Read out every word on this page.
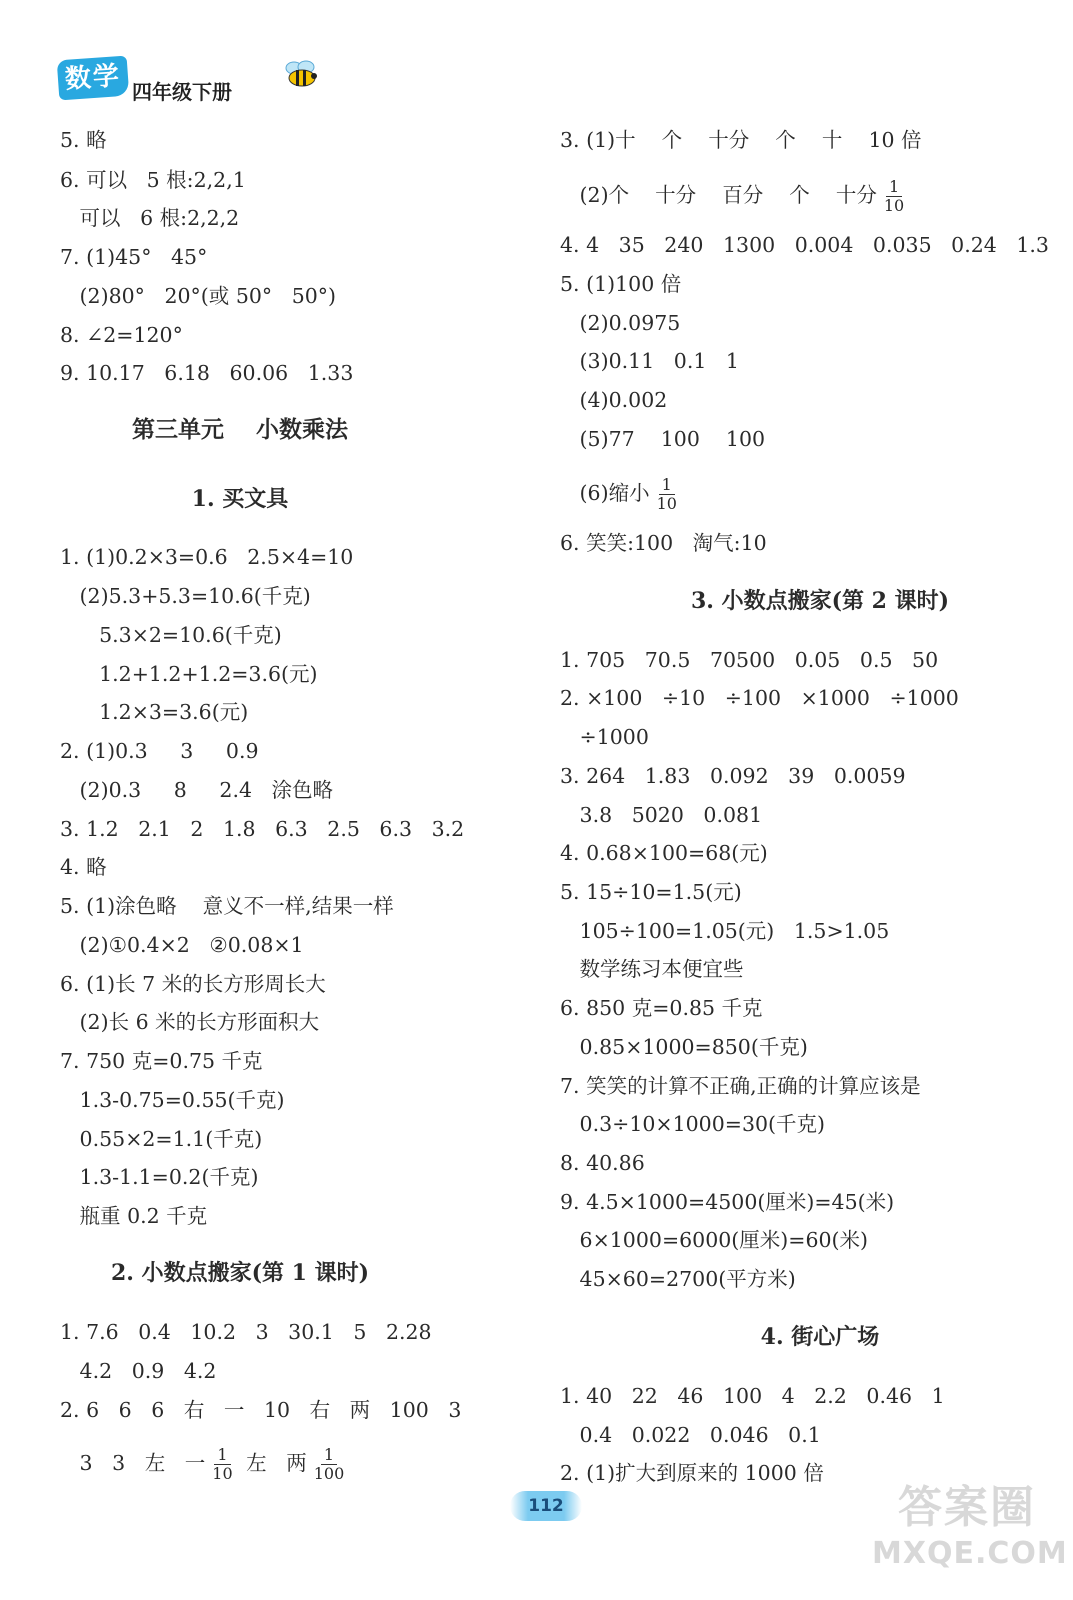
数学 四年级下册
5. 略
6. 可以   5 根:2,2,1
可以   6 根:2,2,2
7. (1)45°   45°
(2)80°   20°(或 50°   50°)
8. ∠2=120°
9. 10.17   6.18   60.06   1.33
第三单元    小数乘法
1. 买文具
1. (1)0.2×3=0.6   2.5×4=10
(2)5.3+5.3=10.6(千克)
5.3×2=10.6(千克)
1.2+1.2+1.2=3.6(元)
1.2×3=3.6(元)
2. (1)0.3     3     0.9
(2)0.3     8     2.4   涂色略
3. 1.2   2.1   2   1.8   6.3   2.5   6.3   3.2
4. 略
5. (1)涂色略    意义不一样,结果一样
(2)①0.4×2   ②0.08×1
6. (1)长 7 米的长方形周长大
(2)长 6 米的长方形面积大
7. 750 克=0.75 千克
1.3-0.75=0.55(千克)
0.55×2=1.1(千克)
1.3-1.1=0.2(千克)
瓶重 0.2 千克
2. 小数点搬家(第 1 课时)
1. 7.6   0.4   10.2   3   30.1   5   2.28
4.2   0.9   4.2
2. 6   6   6   右   一   10   右   两   100   3
3   3   左   一 $\frac{1}{10}$ 左   两 $\frac{1}{100}$
3. (1)十    个    十分    个    十    10 倍
(2)个    十分    百分    个    十分 $\frac{1}{10}$
4. 4   35   240   1300   0.004   0.035   0.24   1.3
5. (1)100 倍
(2)0.0975
(3)0.11   0.1   1
(4)0.002
(5)77    100    100
(6)缩小 $\frac{1}{10}$
6. 笑笑:100   淘气:10
3. 小数点搬家(第 2 课时)
1. 705   70.5   70500   0.05   0.5   50
2. ×100   ÷10   ÷100   ×1000   ÷1000
÷1000
3. 264   1.83   0.092   39   0.0059
3.8   5020   0.081
4. 0.68×100=68(元)
5. 15÷10=1.5(元)
105÷100=1.05(元)   1.5>1.05
数学练习本便宜些
6. 850 克=0.85 千克
0.85×1000=850(千克)
7. 笑笑的计算不正确,正确的计算应该是
0.3÷10×1000=30(千克)
8. 40.86
9. 4.5×1000=4500(厘米)=45(米)
6×1000=6000(厘米)=60(米)
45×60=2700(平方米)
4. 街心广场
1. 40   22   46   100   4   2.2   0.46   1
0.4   0.022   0.046   0.1
2. (1)扩大到原来的 1000 倍
112	答案圈
MXQE.COM
